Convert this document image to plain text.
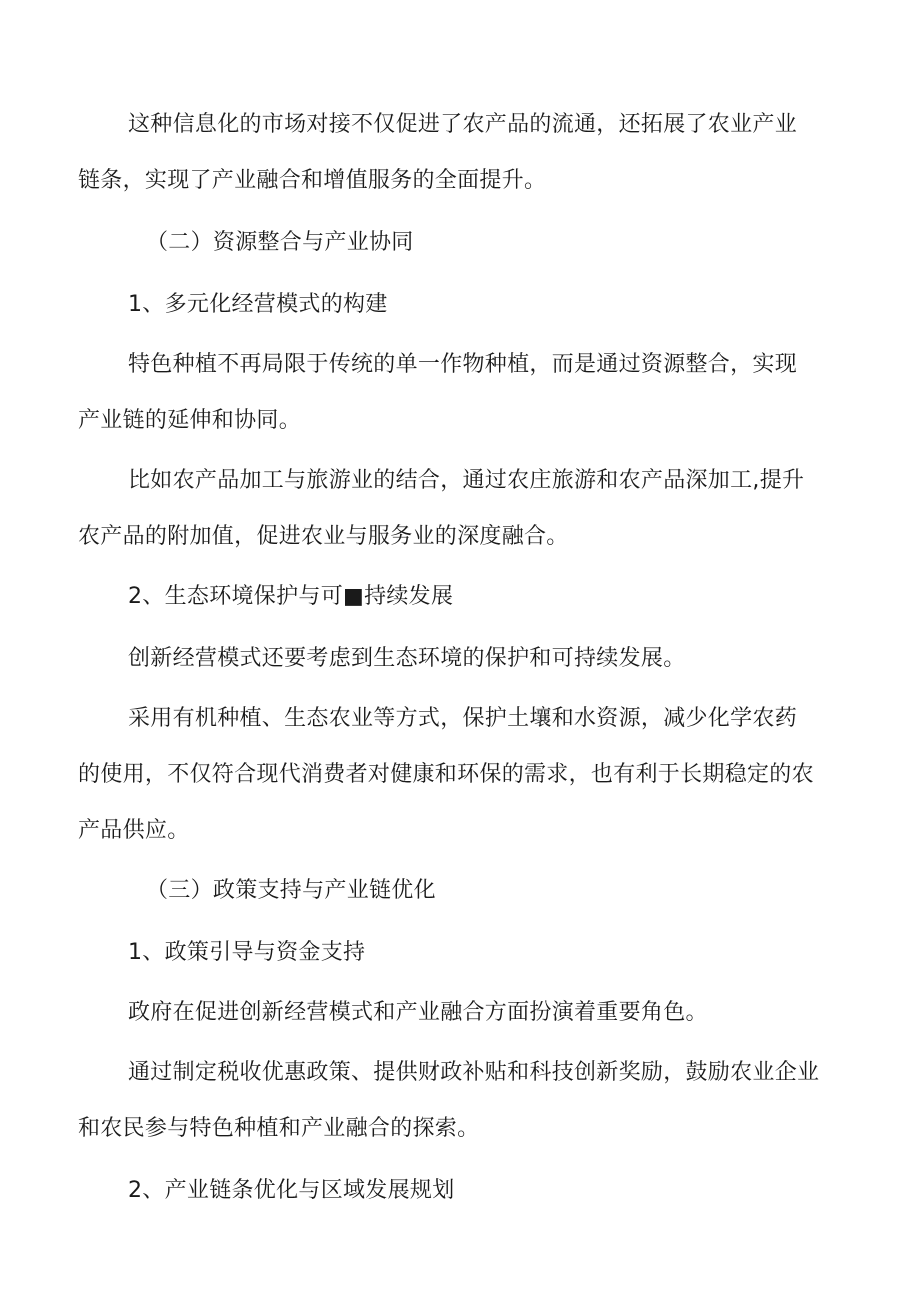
这种信息化的市场对接不仅促进了农产品的流通，还拓展了农业产业
链条，实现了产业融合和增值服务的全面提升。
（二）资源整合与产业协同
1、多元化经营模式的构建
特色种植不再局限于传统的单一作物种植，而是通过资源整合，实现
产业链的延伸和协同。
比如农产品加工与旅游业的结合，通过农庄旅游和农产品深加工,提升
农产品的附加值，促进农业与服务业的深度融合。
2、生态环境保护与可■持续发展
创新经营模式还要考虑到生态环境的保护和可持续发展。
采用有机种植、生态农业等方式，保护土壤和水资源，减少化学农药
的使用，不仅符合现代消费者对健康和环保的需求，也有利于长期稳定的农
产品供应。
（三）政策支持与产业链优化
1、政策引导与资金支持
政府在促进创新经营模式和产业融合方面扮演着重要角色。
通过制定税收优惠政策、提供财政补贴和科技创新奖励，鼓励农业企业
和农民参与特色种植和产业融合的探索。
2、产业链条优化与区域发展规划
